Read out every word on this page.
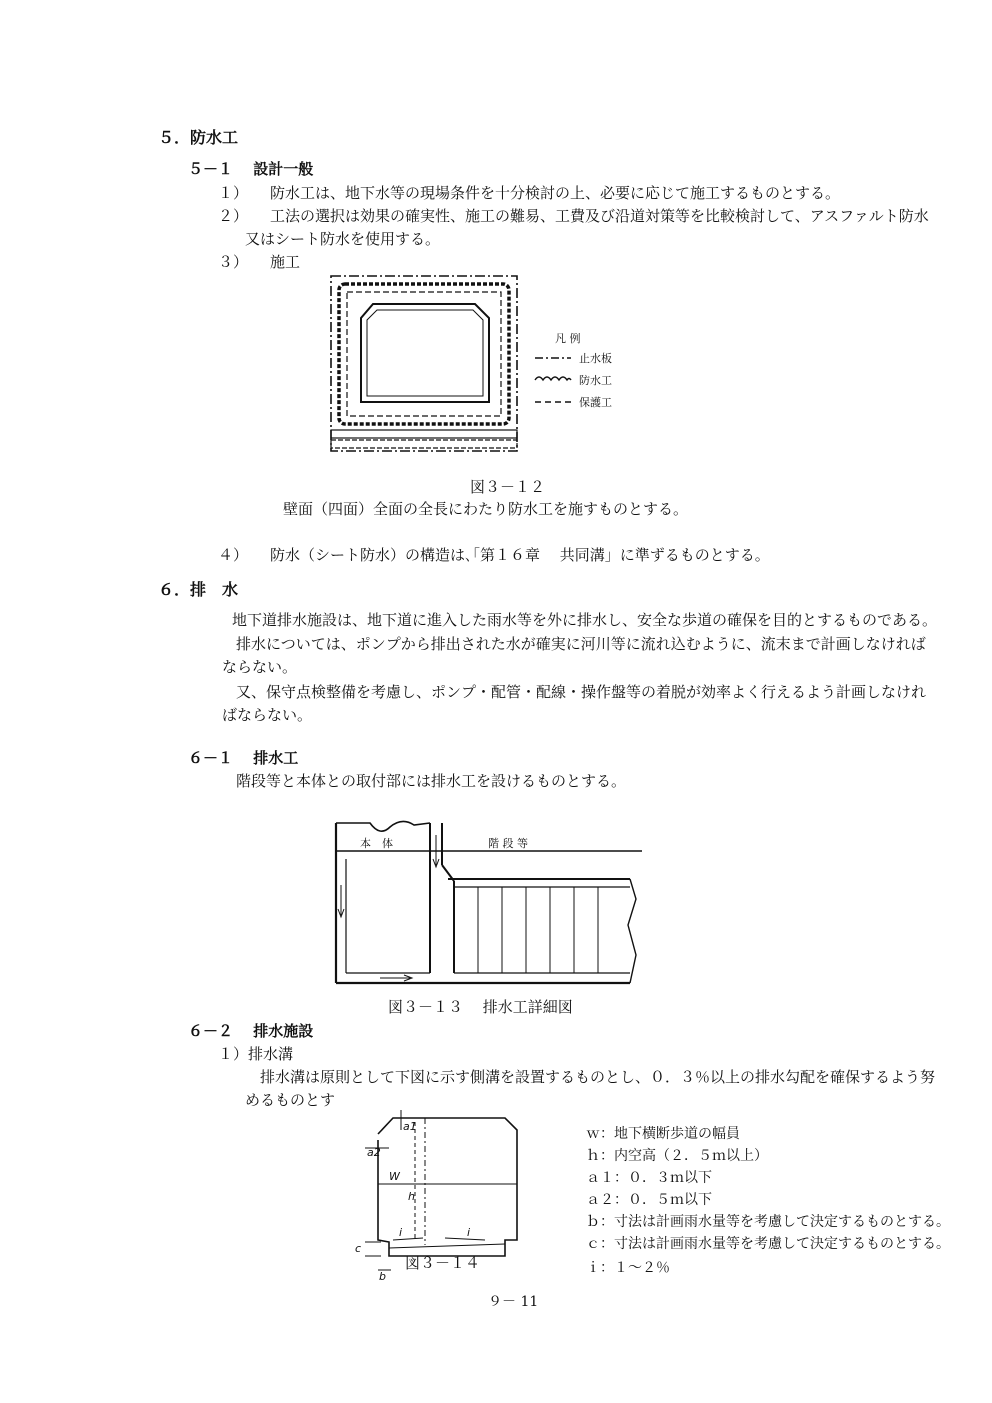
５．防水工
５－１　 設計一般
１） 防水工は、地下水等の現場条件を十分検討の上、必要に応じて施工するものとする。
２） 工法の選択は効果の確実性、施工の難易、工費及び沿道対策等を比較検討して、アスファルト防水
又はシート防水を使用する。
３） 施工
凡 例
止水板
防水工
保護工
図３－１２
壁面（四面）全面の全長にわたり防水工を施すものとする。
４） 防水（シート防水）の構造は､｢第１６章　 共同溝」に準ずるものとする。
６．排　水
地下道排水施設は、地下道に進入した雨水等を外に排水し、安全な歩道の確保を目的とするものである。
排水については、ポンプから排出された水が確実に河川等に流れ込むように、流末まで計画しなければ
ならない。
又、保守点検整備を考慮し、ポンプ・配管・配線・操作盤等の着脱が効率よく行えるよう計画しなけれ
ばならない。
６－１　 排水工
階段等と本体との取付部には排水工を設けるものとする。
本　体	階 段 等
図３－１３　 排水工詳細図
６－２　 排水施設
１）排水溝
排水溝は原則として下図に示す側溝を設置するものとし、０．３％以上の排水勾配を確保するよう努
めるものとす
a1
a2
W
h
i	i
c
b
図３－１４
ｗ：地下横断歩道の幅員
ｈ：内空高（２．５ｍ以上）
ａ１：０．３ｍ以下
ａ２：０．５ｍ以下
ｂ：寸法は計画雨水量等を考慮して決定するものとする。
ｃ：寸法は計画雨水量等を考慮して決定するものとする。
ｉ：１～２％
９－ 11
